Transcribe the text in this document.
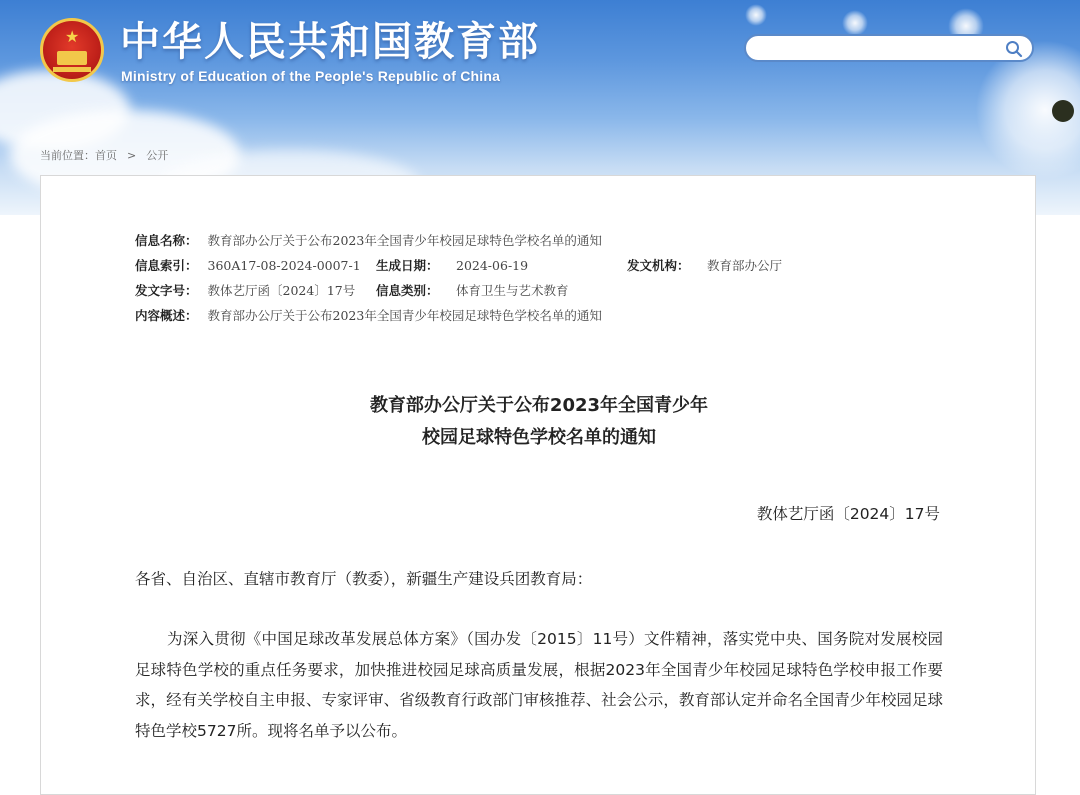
★ 中华人民共和国教育部
Ministry of Education of the People's Republic of China
当前位置：首页 > 公开
信息名称： 教育部办公厅关于公布2023年全国青少年校园足球特色学校名单的通知
信息索引： 360A17-08-2024-0007-1 生成日期： 2024-06-19	发文机构： 教育部办公厅
发文字号： 教体艺厅函〔2024〕17号 信息类别： 体育卫生与艺术教育
内容概述： 教育部办公厅关于公布2023年全国青少年校园足球特色学校名单的通知
教育部办公厅关于公布2023年全国青少年
校园足球特色学校名单的通知
教体艺厅函〔2024〕17号
各省、自治区、直辖市教育厅（教委），新疆生产建设兵团教育局：
为深入贯彻《中国足球改革发展总体方案》（国办发〔2015〕11号）文件精神，落实党中央、国务院对发展校园足球特色学校的重点任务要求，加快推进校园足球高质量发展，根据2023年全国青少年校园足球特色学校申报工作要求，经有关学校自主申报、专家评审、省级教育行政部门审核推荐、社会公示，教育部认定并命名全国青少年校园足球特色学校5727所。现将名单予以公布。
